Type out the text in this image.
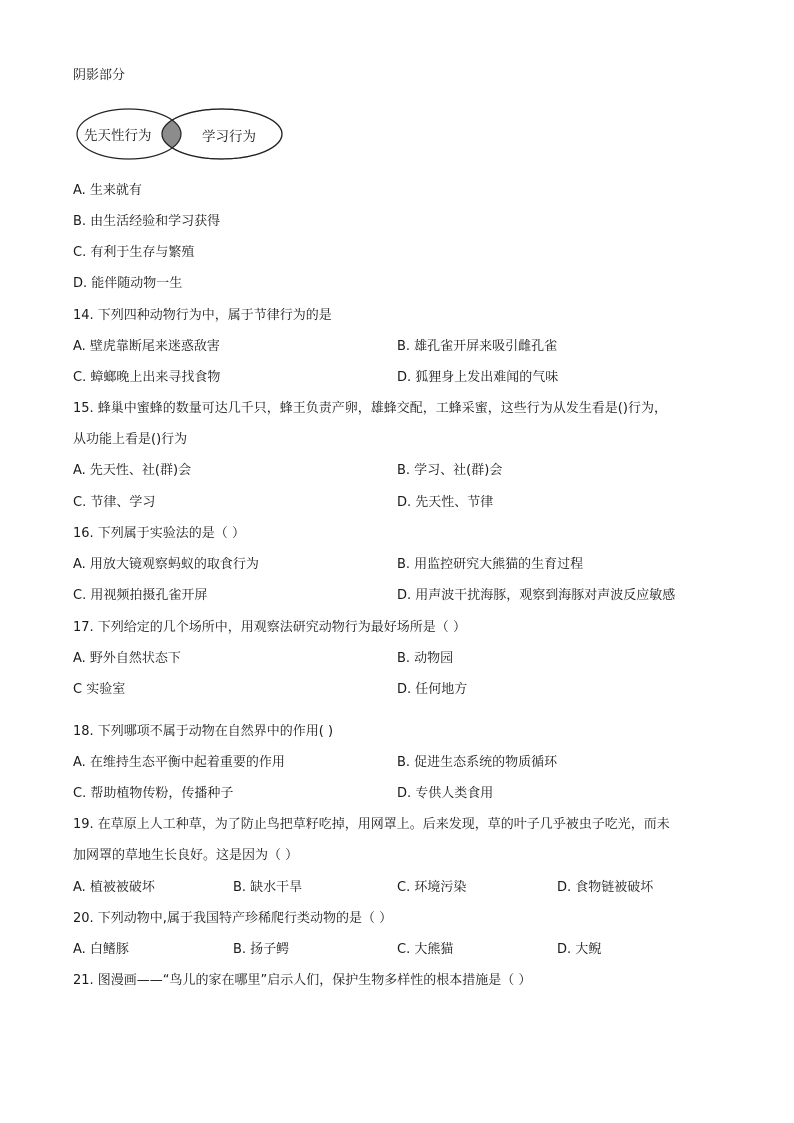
阴影部分
先天性行为	学习行为
A. 生来就有
B. 由生活经验和学习获得
C. 有利于生存与繁殖
D. 能伴随动物一生
14. 下列四种动物行为中，属于节律行为的是
A. 壁虎靠断尾来迷惑敌害	B. 雄孔雀开屏来吸引雌孔雀
C. 蟑螂晚上出来寻找食物	D. 狐狸身上发出难闻的气味
15. 蜂巢中蜜蜂的数量可达几千只，蜂王负责产卵，雄蜂交配，工蜂采蜜，这些行为从发生看是()行为，
从功能上看是()行为
A. 先天性、社(群)会	B. 学习、社(群)会
C. 节律、学习	D. 先天性、节律
16. 下列属于实验法的是（ ）
A. 用放大镜观察蚂蚁的取食行为	B. 用监控研究大熊猫的生育过程
C. 用视频拍摄孔雀开屏	D. 用声波干扰海豚，观察到海豚对声波反应敏感
17. 下列给定的几个场所中，用观察法研究动物行为最好场所是（ ）
A. 野外自然状态下	B. 动物园
C 实验室	D. 任何地方
18. 下列哪项不属于动物在自然界中的作用( )
A. 在维持生态平衡中起着重要的作用	B. 促进生态系统的物质循环
C. 帮助植物传粉，传播种子	D. 专供人类食用
19. 在草原上人工种草，为了防止鸟把草籽吃掉，用网罩上。后来发现，草的叶子几乎被虫子吃光，而未
加网罩的草地生长良好。这是因为（ ）
A. 植被被破坏	B. 缺水干旱	C. 环境污染	D. 食物链被破坏
20. 下列动物中,属于我国特产珍稀爬行类动物的是（ ）
A. 白鳍豚	B. 扬子鳄	C. 大熊猫	D. 大鲵
21. 图漫画——“鸟儿的家在哪里”启示人们，保护生物多样性的根本措施是（ ）
